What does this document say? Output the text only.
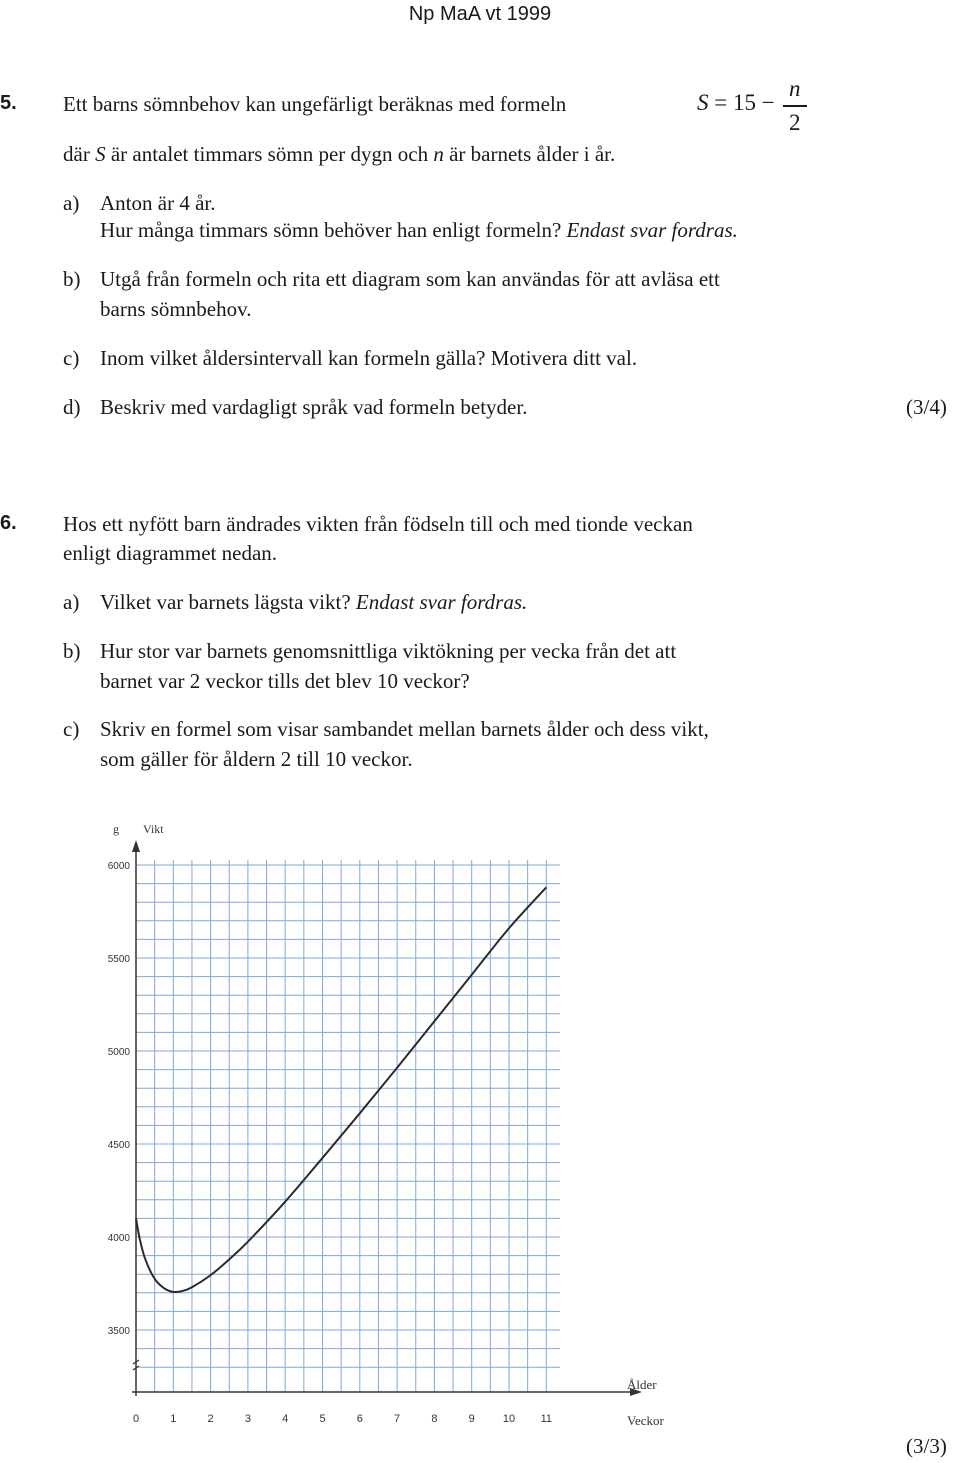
Np MaA vt 1999
5. Ett barns sömnbehov kan ungefärligt beräknas med formeln	S = 15 −
n
2
där S är antalet timmars sömn per dygn och n är barnets ålder i år.
a) Anton är 4 år.
Hur många timmars sömn behöver han enligt formeln? Endast svar fordras.
b) Utgå från formeln och rita ett diagram som kan användas för att avläsa ett
barns sömnbehov.
c) Inom vilket åldersintervall kan formeln gälla? Motivera ditt val.
d) Beskriv med vardagligt språk vad formeln betyder.	(3/4)
6. Hos ett nyfött barn ändrades vikten från födseln till och med tionde veckan
enligt diagrammet nedan.
a) Vilket var barnets lägsta vikt? Endast svar fordras.
b) Hur stor var barnets genomsnittliga viktökning per vecka från det att
barnet var 2 veckor tills det blev 10 veckor?
c) Skriv en formel som visar sambandet mellan barnets ålder och dess vikt,
som gäller för åldern 2 till 10 veckor.
g Vikt
Ålder
Veckor
3500
4000
4500
5000
5500
6000
0	1	2	3	4	5	6	7	8	9	10 11
(3/3)
